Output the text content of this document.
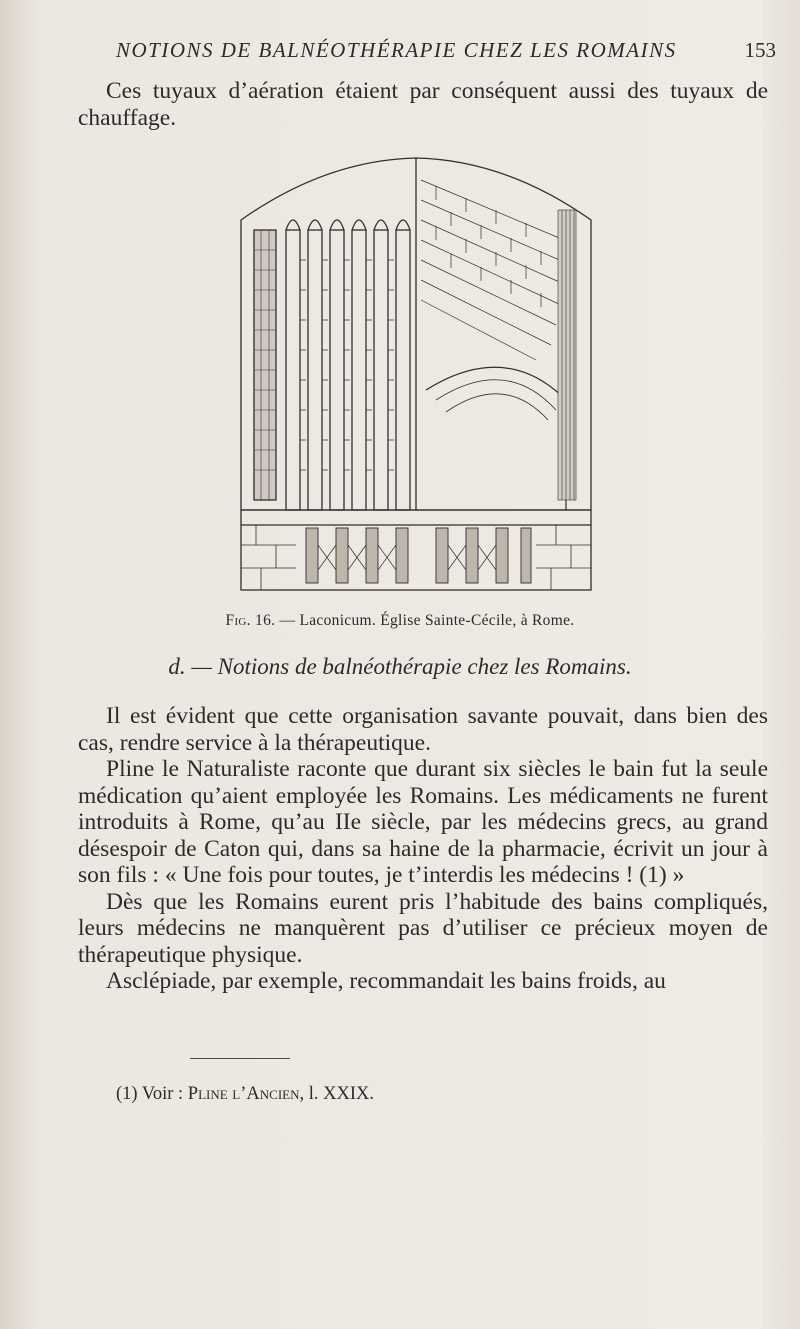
NOTIONS DE BALNÉOTHÉRAPIE CHEZ LES ROMAINS	153

Ces tuyaux d’aération étaient par conséquent aussi des tuyaux de chauffage.

Fig. 16. — Laconicum. Église Sainte-Cécile, à Rome.
d. — Notions de balnéothérapie chez les Romains.

Il est évident que cette organisation savante pouvait, dans bien des cas, rendre service à la thérapeutique.

Pline le Naturaliste raconte que durant six siècles le bain fut la seule médication qu’aient employée les Romains. Les médicaments ne furent introduits à Rome, qu’au IIe siècle, par les médecins grecs, au grand désespoir de Caton qui, dans sa haine de la pharmacie, écrivit un jour à son fils : « Une fois pour toutes, je t’interdis les médecins ! (1) »

Dès que les Romains eurent pris l’habitude des bains compliqués, leurs médecins ne manquèrent pas d’utiliser ce précieux moyen de thérapeutique physique.

Asclépiade, par exemple, recommandait les bains froids, au

(1) Voir : Pline l’Ancien, l. XXIX.
